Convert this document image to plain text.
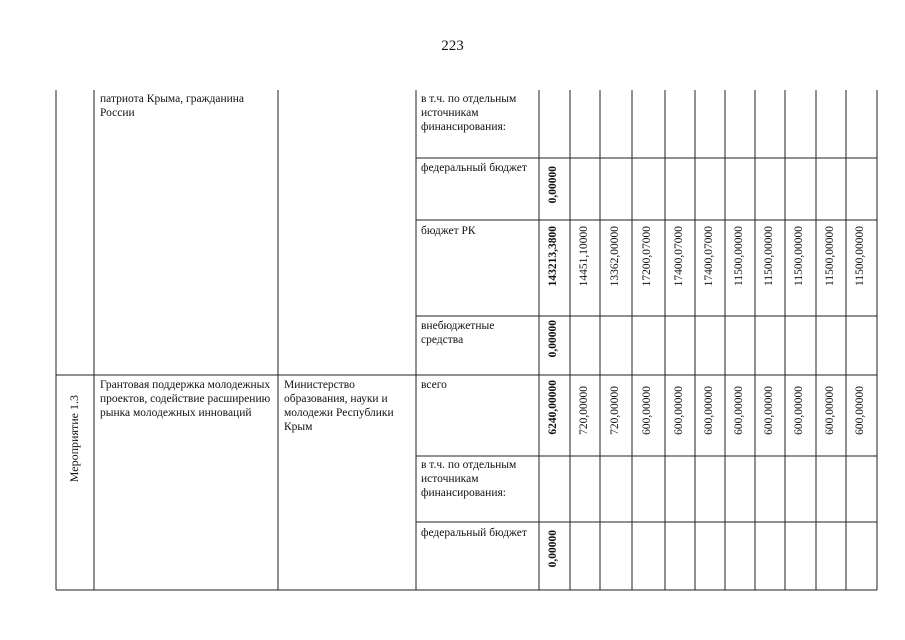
223
патриота Крыма, гражданина России
в т.ч. по отдельным источникам финансирования:
федеральный бюджет
бюджет РК
внебюджетные средства
0,00000
143213,3800
0,00000
14451,10000 13362,00000 17200,07000 17400,07000 17400,07000 11500,00000 11500,00000 11500,00000 11500,00000 11500,00000
Мероприятие 1.3
Грантовая поддержка молодежных проектов, содействие расширению рынка молодежных инноваций
Министерство образования, науки и молодежи Республики Крым
всего
в т.ч. по отдельным источникам финансирования:
федеральный бюджет
6240,00000
0,00000
720,00000 720,00000 600,00000 600,00000 600,00000 600,00000 600,00000 600,00000 600,00000 600,00000
